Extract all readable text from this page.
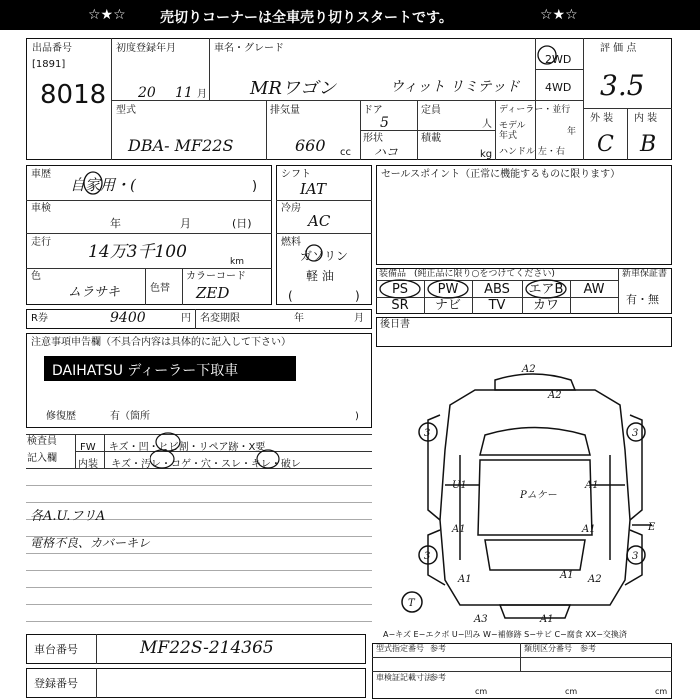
☆★☆ 売切りコーナーは全車売り切りスタートです。	☆★☆
出品番号
[1891]
8018
初度登録年月
20 11 月
車名・グレード
MRワゴン	ウィット リミテッド
2WD
4WD
評 価 点
3.5
型式
DBA- MF22S
排気量
660 cc
ドア
5
定員
人
形状
ハコ
積載
kg
ディーラー・並行
モデル
年式	年
ハンドル 左・右
外 装 内 装
C B
車歴
自家用・(	)
車検
年	月	(日)
走行 14万3千100	km
色
ムラサキ	色替
カラーコード
ZED
シフト
IAT
冷房
AC
燃料
ガソリン
軽 油
(	)
R券	9400	円 名変期限	年	月
セールスポイント（正常に機能するものに限ります）
装備品 (純正品に限り○をつけてください)	新車保証書
有・無
PS	PW	ABS	エアB	AW
SR	ナビ	TV	カワ
後日書
注意事項申告欄（不具合内容は具体的に記入して下さい）
DAIHATSU ディーラー下取車
修復歴	有（箇所	)
検査員
記入欄
FW キズ・凹・ヒビ割・リペア跡・X要
内装 キズ・汚レ・コゲ・穴・スレ・キレ・破レ
各A.U.フリA
電格不良、カバーキレ
A2
A2
3	3
U1	A1
Pムケー
A1	A1
A1
E
3	3
A1	A2
A3	A1
T
A−キズ E−エクボ U−凹み W−補修跡 S−サビ C−腐食 XX−交換済
型式指定番号 参考	類別区分番号 参考
車検証記載寸法
参考
cm	cm	cm
車台番号	MF22S-214365
登録番号
